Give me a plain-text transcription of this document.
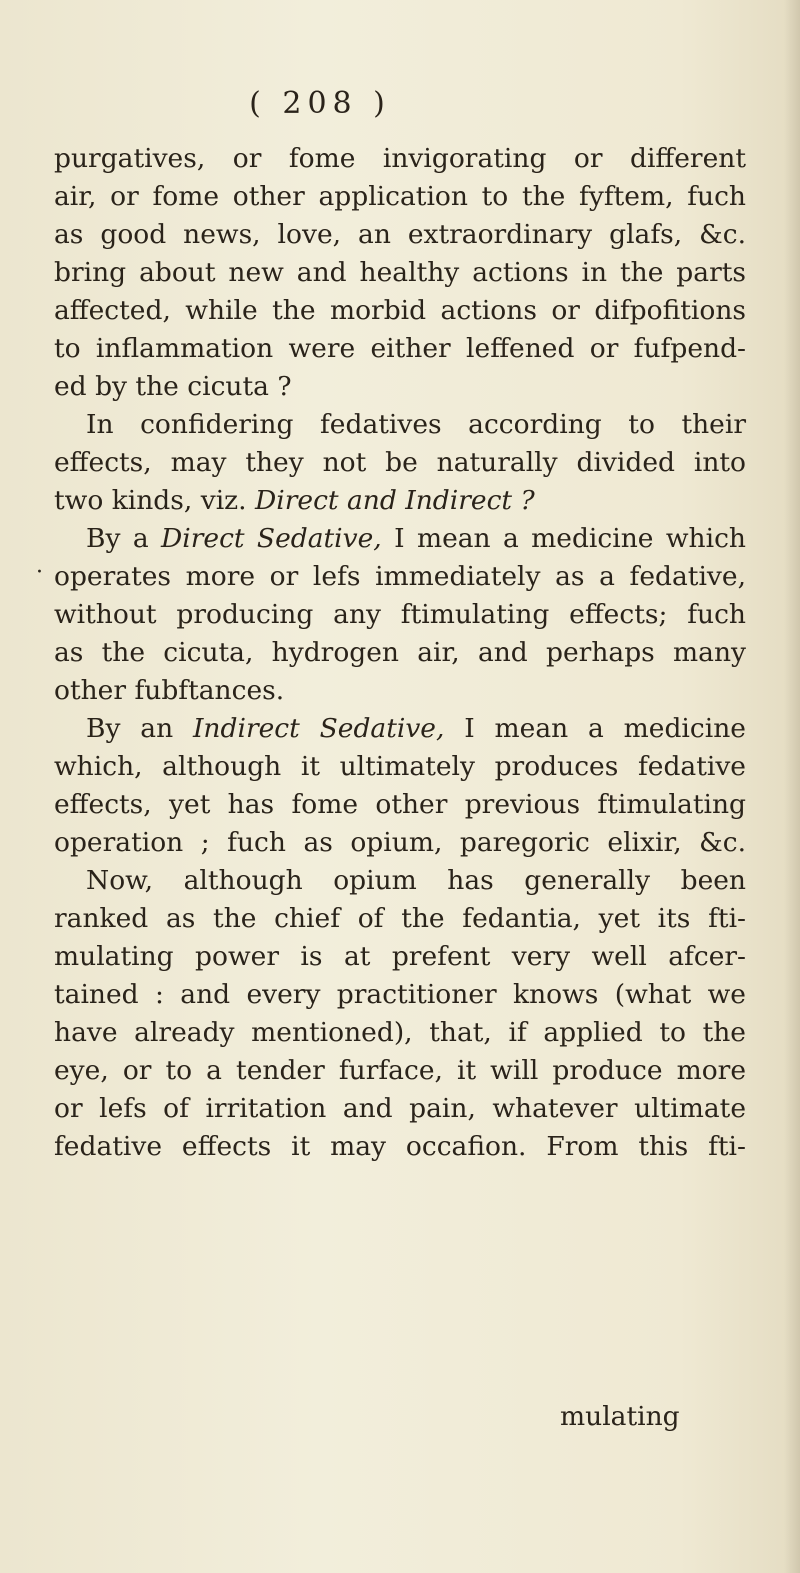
( 208 )
purgatives, or fome invigorating or different
air, or fome other application to the fyftem, fuch
as good news, love, an extraordinary glafs, &c.
bring about new and healthy actions in the parts
affected, while the morbid actions or difpofitions
to inflammation were either leffened or fufpend-
ed by the cicuta ?
In confidering fedatives according to their
effects, may they not be naturally divided into
two kinds, viz. Direct and Indirect ?
By a Direct Sedative, I mean a medicine which
· operates more or lefs immediately as a fedative,
without producing any ftimulating effects; fuch
as the cicuta, hydrogen air, and perhaps many
other fubftances.
By an Indirect Sedative, I mean a medicine
which, although it ultimately produces fedative
effects, yet has fome other previous ftimulating
operation ; fuch as opium, paregoric elixir, &c.
Now, although opium has generally been
ranked as the chief of the fedantia, yet its fti-
mulating power is at prefent very well afcer-
tained : and every practitioner knows (what we
have already mentioned), that, if applied to the
eye, or to a tender furface, it will produce more
or lefs of irritation and pain, whatever ultimate
fedative effects it may occafion. From this fti-
mulating
